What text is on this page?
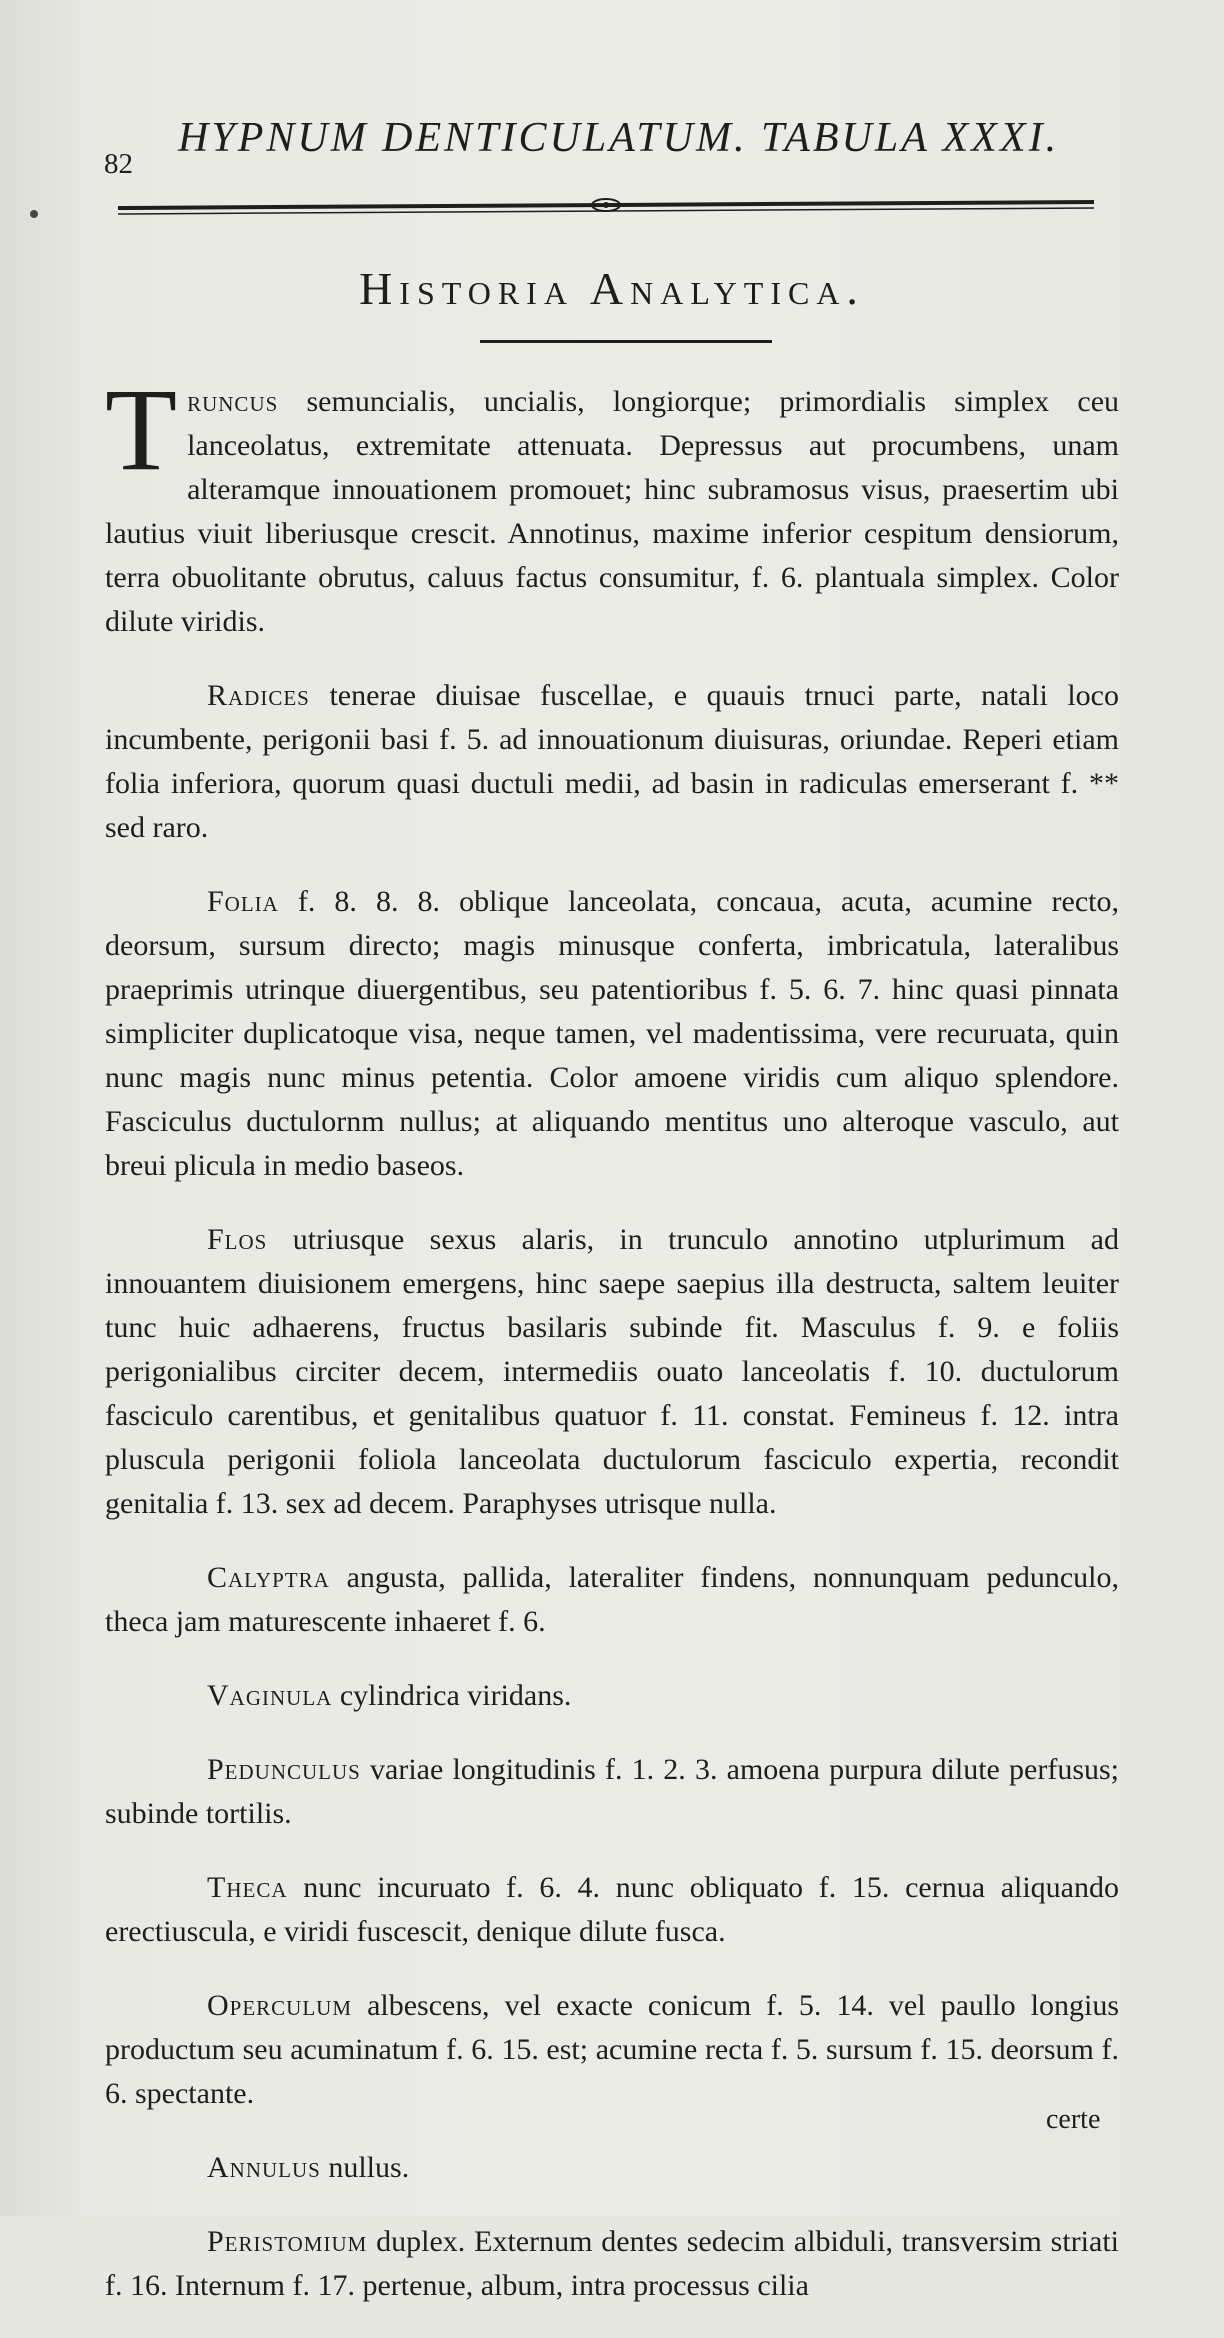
82
HYPNUM DENTICULATUM. TABULA XXXI.
Historia Analytica.

T runcus semuncialis, uncialis, longiorque; primordialis simplex ceu lanceolatus, extremitate attenuata. Depressus aut procumbens, unam alteramque innouationem promouet; hinc subramosus visus, praesertim ubi lautius viuit liberiusque crescit. Annotinus, maxime inferior cespitum densiorum, terra obuolitante obrutus, caluus factus consumitur, f. 6. plantuala simplex. Color dilute viridis.

Radices tenerae diuisae fuscellae, e quauis trnuci parte, natali loco incumbente, perigonii basi f. 5. ad innouationum diuisuras, oriundae. Reperi etiam folia inferiora, quorum quasi ductuli medii, ad basin in radiculas emerserant f. ** sed raro.

Folia f. 8. 8. 8. oblique lanceolata, concaua, acuta, acumine recto, deorsum, sursum directo; magis minusque conferta, imbricatula, lateralibus praeprimis utrinque diuergentibus, seu patentioribus f. 5. 6. 7. hinc quasi pinnata simpliciter duplicatoque visa, neque tamen, vel madentissima, vere recuruata, quin nunc magis nunc minus petentia. Color amoene viridis cum aliquo splendore. Fasciculus ductulornm nullus; at aliquando mentitus uno alteroque vasculo, aut breui plicula in medio baseos.

Flos utriusque sexus alaris, in trunculo annotino utplurimum ad innouantem diuisionem emergens, hinc saepe saepius illa destructa, saltem leuiter tunc huic adhaerens, fructus basilaris subinde fit. Masculus f. 9. e foliis perigonialibus circiter decem, intermediis ouato lanceolatis f. 10. ductulorum fasciculo carentibus, et genitalibus quatuor f. 11. constat. Femineus f. 12. intra pluscula perigonii foliola lanceolata ductulorum fasciculo expertia, recondit genitalia f. 13. sex ad decem. Paraphyses utrisque nulla.

Calyptra angusta, pallida, lateraliter findens, nonnunquam pedunculo, theca jam maturescente inhaeret f. 6.

Vaginula cylindrica viridans.

Pedunculus variae longitudinis f. 1. 2. 3. amoena purpura dilute perfusus; subinde tortilis.

Theca nunc incuruato f. 6. 4. nunc obliquato f. 15. cernua aliquando erectiuscula, e viridi fuscescit, denique dilute fusca.

Operculum albescens, vel exacte conicum f. 5. 14. vel paullo longius productum seu acuminatum f. 6. 15. est; acumine recta f. 5. sursum f. 15. deorsum f. 6. spectante.

Annulus nullus.

Peristomium duplex. Externum dentes sedecim albiduli, transversim striati f. 16. Internum f. 17. pertenue, album, intra processus cilia

certe
